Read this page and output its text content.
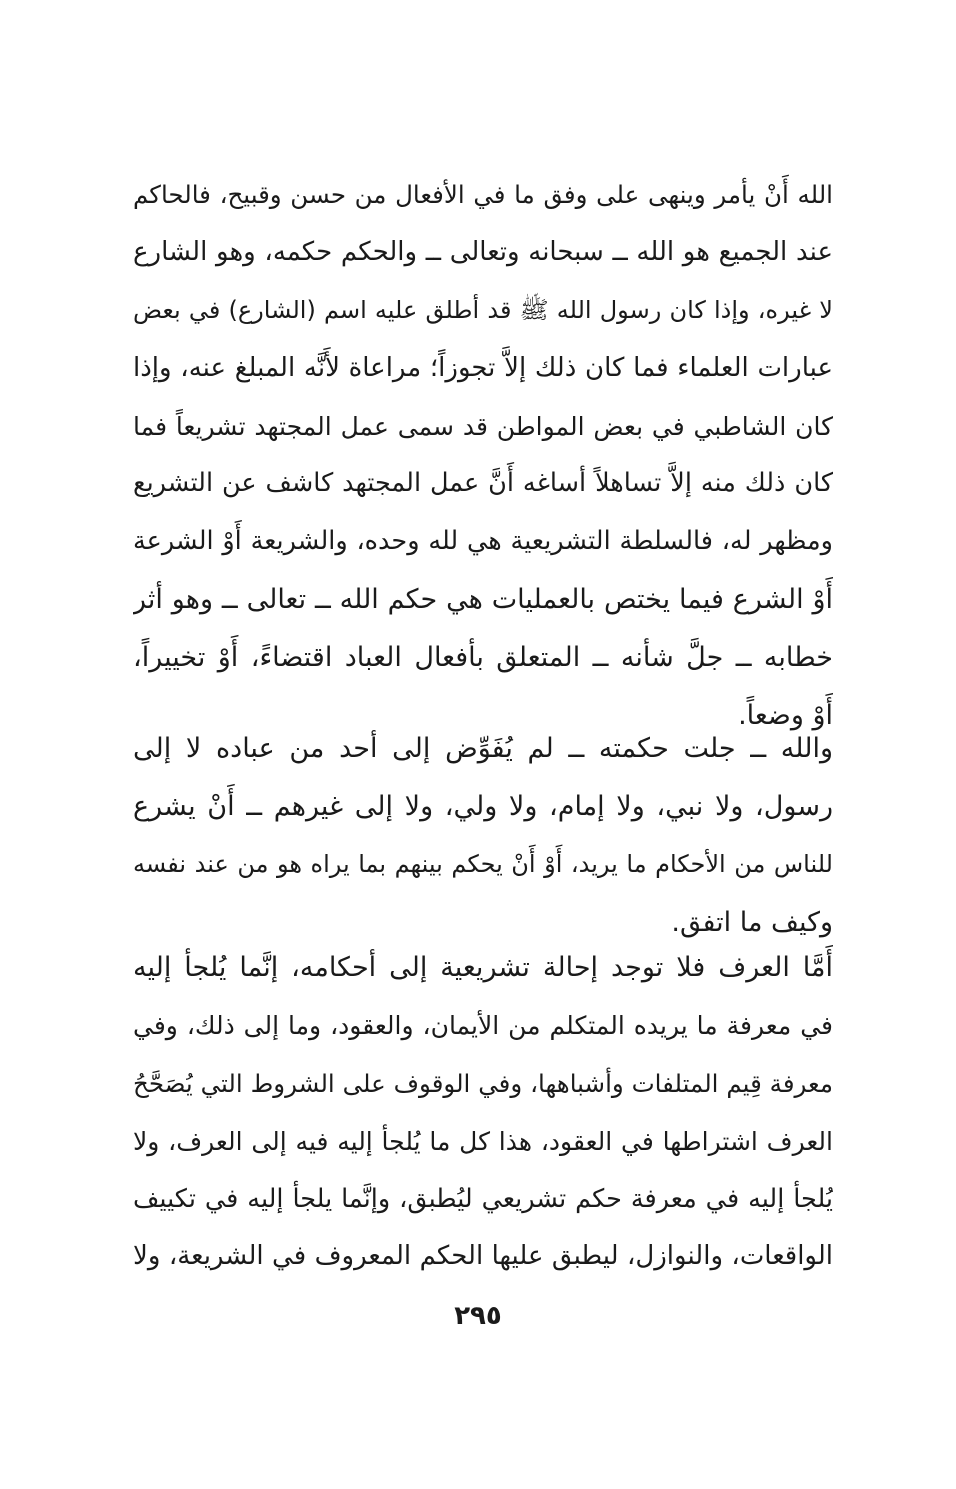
الله أَنْ يأمر وينهى على وفق ما في الأفعال من حسن وقبيح، فالحاكم
عند الجميع هو الله ــ سبحانه وتعالى ــ والحكم حكمه، وهو الشارع
لا غيره، وإذا كان رسول الله ﷺ قد أطلق عليه اسم (الشارع) في بعض
عبارات العلماء فما كان ذلك إلاَّ تجوزاً؛ مراعاة لأَنَّه المبلغ عنه، وإذا
كان الشاطبي في بعض المواطن قد سمى عمل المجتهد تشريعاً فما
كان ذلك منه إلاَّ تساهلاً أساغه أَنَّ عمل المجتهد كاشف عن التشريع
ومظهر له، فالسلطة التشريعية هي لله وحده، والشريعة أَوْ الشرعة
أَوْ الشرع فيما يختص بالعمليات هي حكم الله ــ تعالى ــ وهو أثر
خطابه ــ جلَّ شأنه ــ المتعلق بأفعال العباد اقتضاءً، أَوْ تخييراً،
أَوْ وضعاً.
والله ــ جلت حكمته ــ لم يُفَوِّض إلى أحد من عباده لا إلى
رسول، ولا نبي، ولا إمام، ولا ولي، ولا إلى غيرهم ــ أَنْ يشرع
للناس من الأحكام ما يريد، أَوْ أَنْ يحكم بينهم بما يراه هو من عند نفسه
وكيف ما اتفق.
أَمَّا العرف فلا توجد إحالة تشريعية إلى أحكامه، إنَّما يُلجأ إليه
في معرفة ما يريده المتكلم من الأيمان، والعقود، وما إلى ذلك، وفي
معرفة قِيم المتلفات وأشباهها، وفي الوقوف على الشروط التي يُصَحَّحُ
العرف اشتراطها في العقود، هذا كل ما يُلجأ إليه فيه إلى العرف، ولا
يُلجأ إليه في معرفة حكم تشريعي ليُطبق، وإنَّما يلجأ إليه في تكييف
الواقعات، والنوازل، ليطبق عليها الحكم المعروف في الشريعة، ولا
٢٩٥
